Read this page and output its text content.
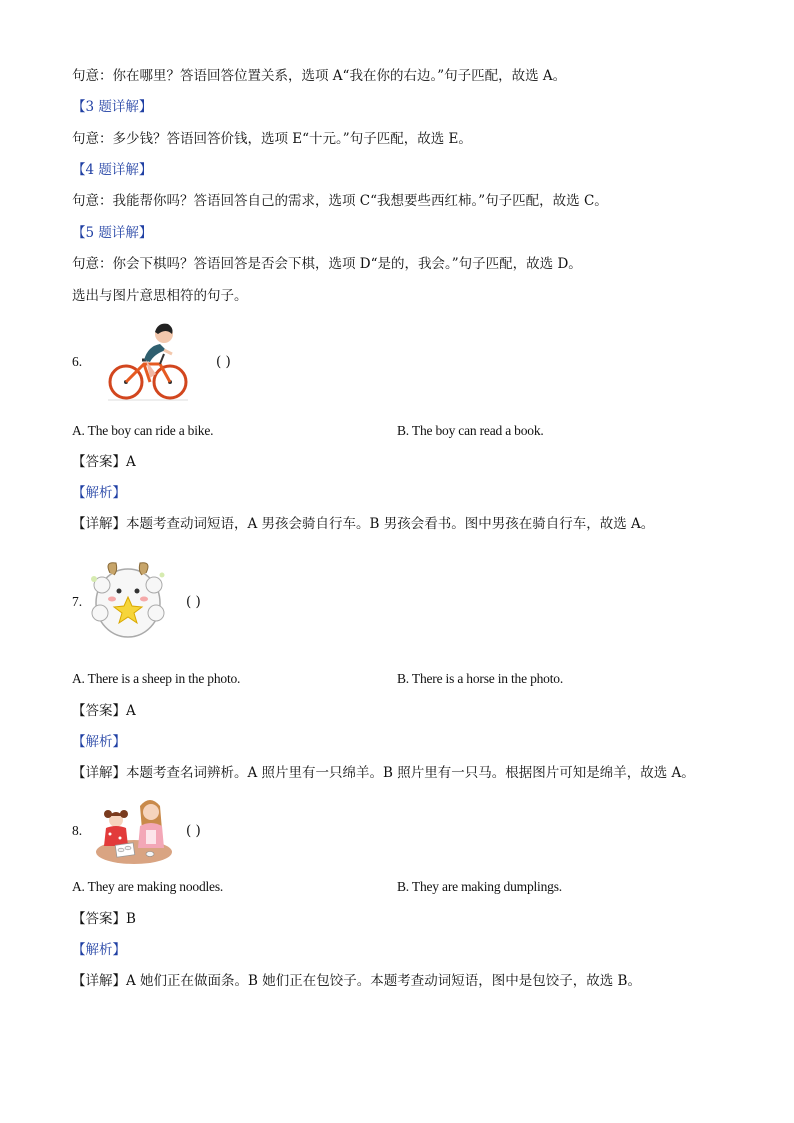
句意：你在哪里？答语回答位置关系，选项 A“我在你的右边。”句子匹配，故选 A。
【3 题详解】
句意：多少钱？答语回答价钱，选项 E“十元。”句子匹配，故选 E。
【4 题详解】
句意：我能帮你吗？答语回答自己的需求，选项 C“我想要些西红柿。”句子匹配，故选 C。
【5 题详解】
句意：你会下棋吗？答语回答是否会下棋，选项 D“是的，我会。”句子匹配，故选 D。
选出与图片意思相符的句子。
6.	( )
A. The boy can ride a bike.	B. The boy can read a book.
【答案】A
【解析】
【详解】本题考查动词短语，A 男孩会骑自行车。B 男孩会看书。图中男孩在骑自行车，故选 A。
7.	( )
A. There is a sheep in the photo.	B. There is a horse in the photo.
【答案】A
【解析】
【详解】本题考查名词辨析。A 照片里有一只绵羊。B 照片里有一只马。根据图片可知是绵羊，故选 A。
8.	( )
A. They are making noodles.	B. They are making dumplings.
【答案】B
【解析】
【详解】A 她们正在做面条。B 她们正在包饺子。本题考查动词短语，图中是包饺子，故选 B。
